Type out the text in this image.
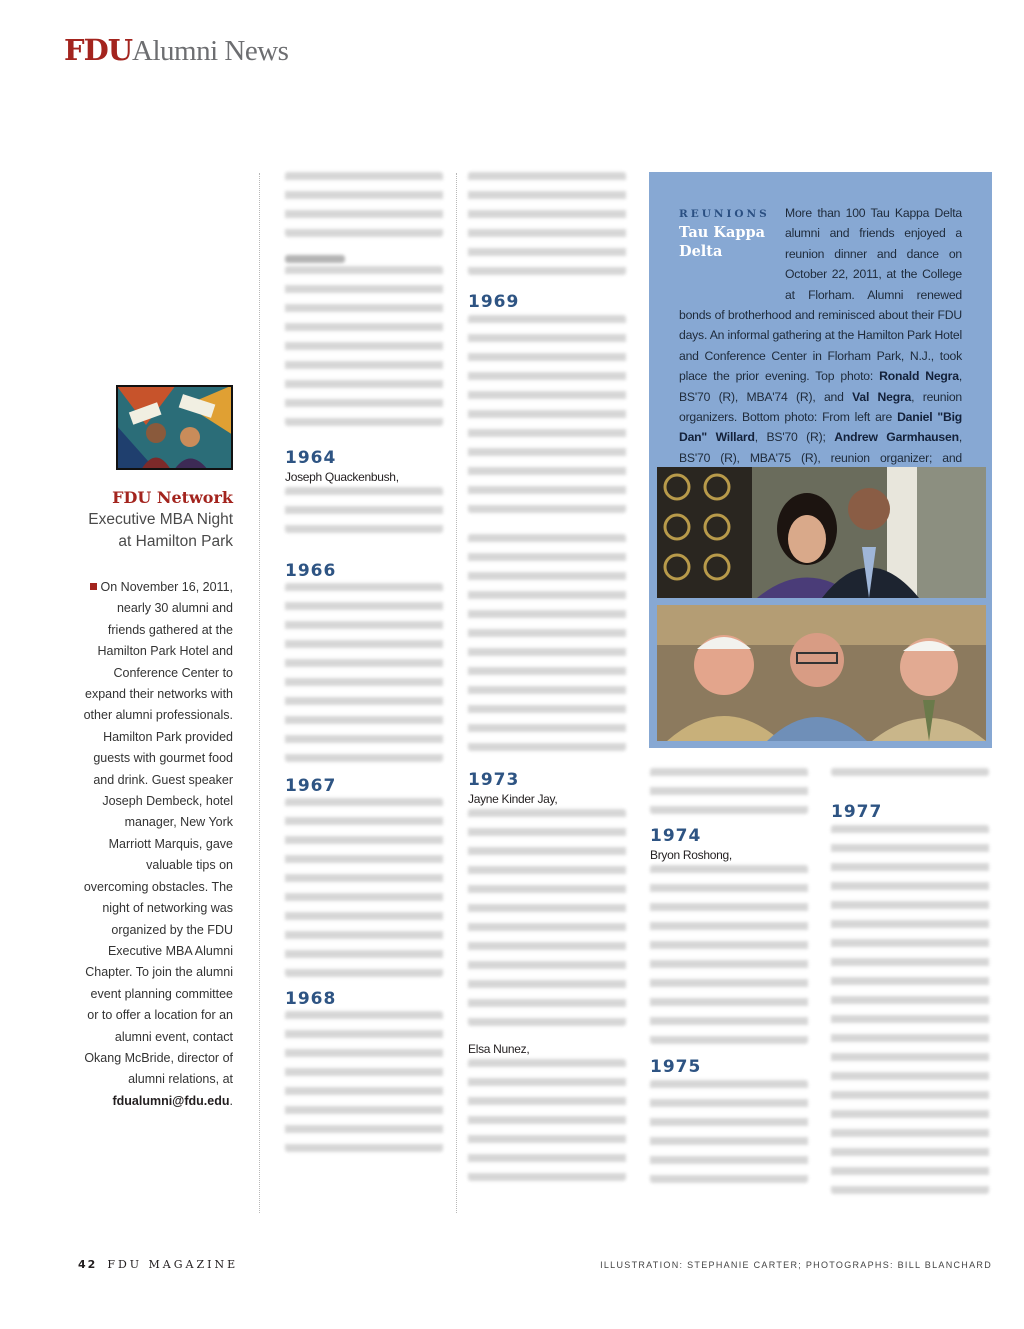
FDUAlumni News
FDU Network
Executive MBA Night
at Hamilton Park
On November 16, 2011, nearly 30 alumni and friends gathered at the Hamilton Park Hotel and Conference Center to expand their networks with other alumni professionals. Hamilton Park provided guests with gourmet food and drink. Guest speaker Joseph Dembeck, hotel manager, New York Marriott Marquis, gave valuable tips on overcoming obstacles. The night of networking was organized by the FDU Executive MBA Alumni Chapter. To join the alumni event planning committee or to offer a location for an alumni event, contact Okang McBride, director of alumni relations, at fdualumni@fdu.edu.
1964
Joseph Quackenbush,
1966
1967
1968
1969
1973
Jayne Kinder Jay,
Elsa Nunez,
1974
Bryon Roshong,
1975
1977
REUNIONS
Tau Kappa Delta
More than 100 Tau Kappa Delta alumni and friends enjoyed a reunion dinner and dance on October 22, 2011, at the College at Florham. Alumni renewed bonds of brotherhood and reminisced about their FDU days. An informal gathering at the Hamilton Park Hotel and Conference Center in Florham Park, N.J., took place the prior evening. Top photo: Ronald Negra, BS'70 (R), MBA'74 (R), and Val Negra, reunion organizers. Bottom photo: From left are Daniel "Big Dan" Willard, BS'70 (R); Andrew Garmhausen, BS'70 (R), MBA'75 (R), reunion organizer; and
42 FDU MAGAZINE	ILLUSTRATION: STEPHANIE CARTER; PHOTOGRAPHS: BILL BLANCHARD
